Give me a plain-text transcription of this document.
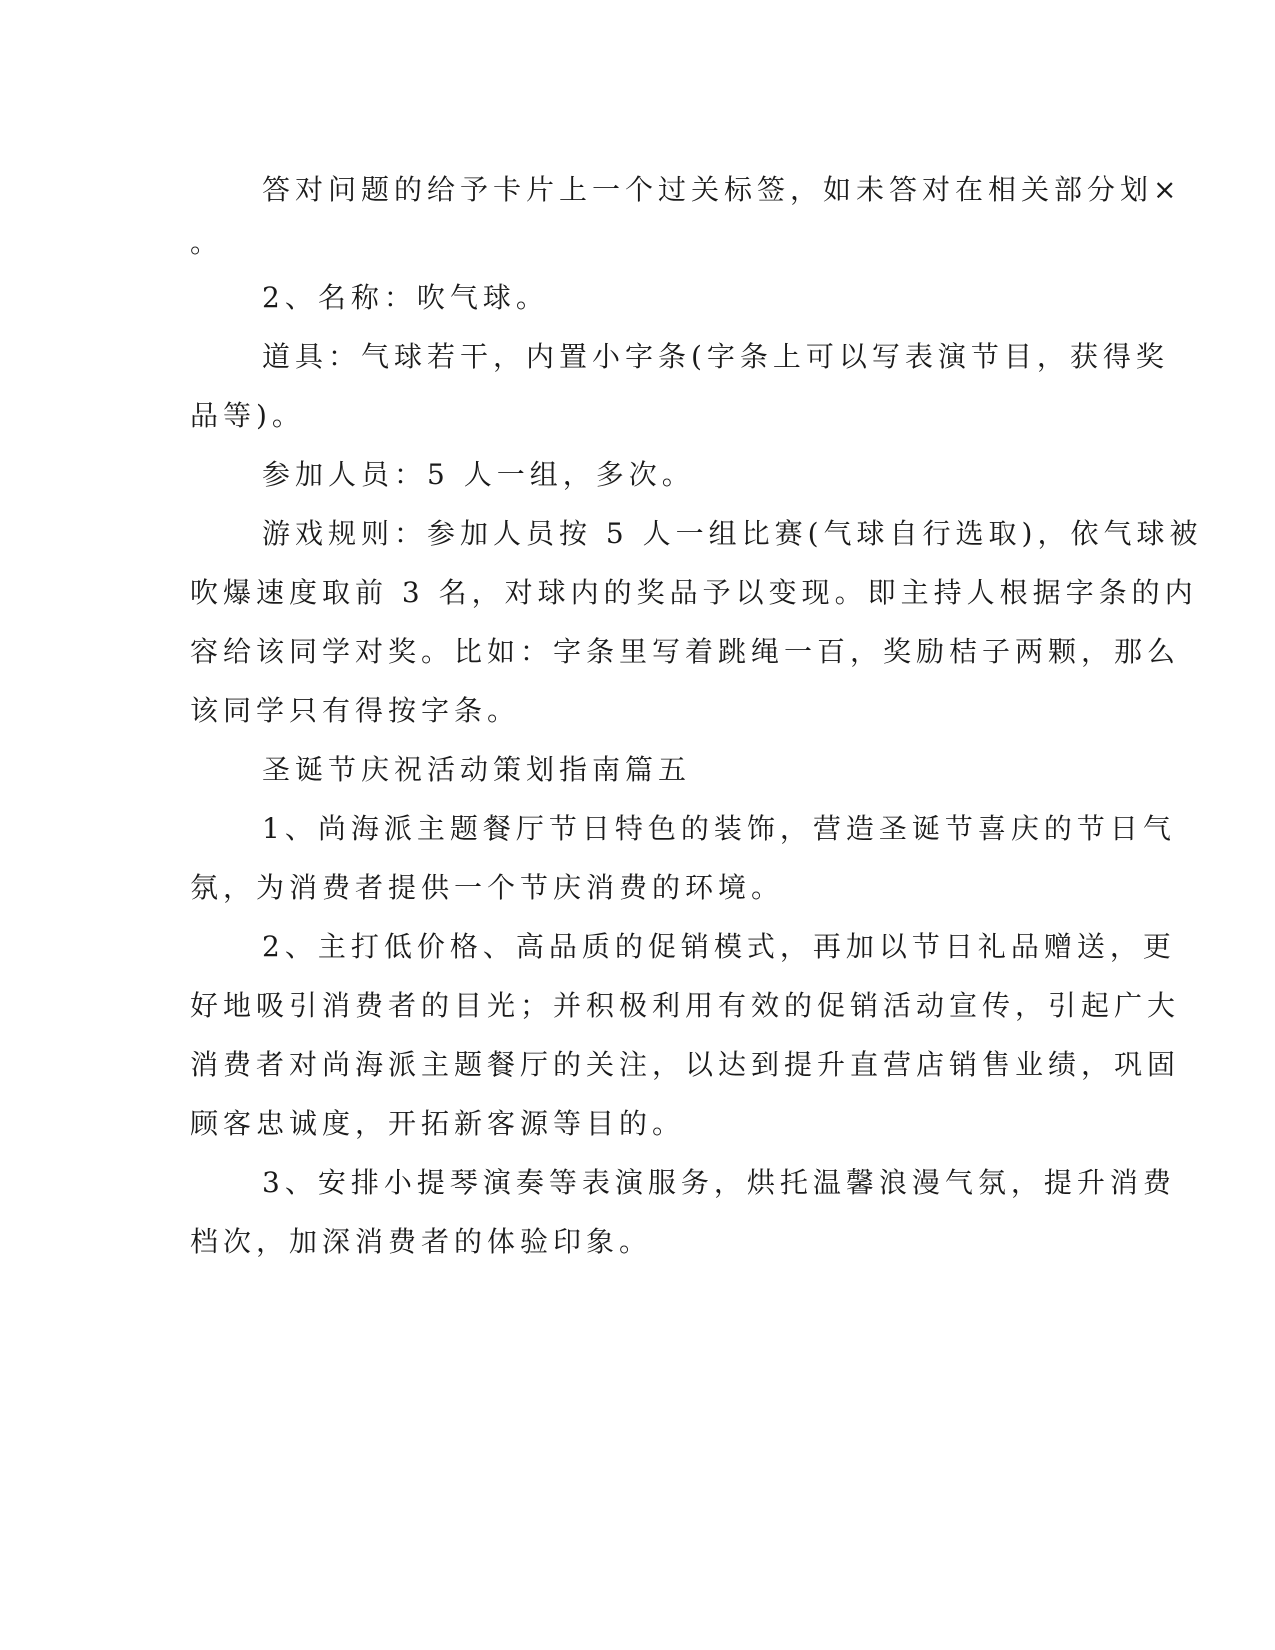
答对问题的给予卡片上一个过关标签，如未答对在相关部分划×
。
2、名称：吹气球。
道具：气球若干，内置小字条(字条上可以写表演节目，获得奖
品等)。
参加人员：5 人一组，多次。
游戏规则：参加人员按 5 人一组比赛(气球自行选取)，依气球被
吹爆速度取前 3 名，对球内的奖品予以变现。即主持人根据字条的内
容给该同学对奖。比如：字条里写着跳绳一百，奖励桔子两颗，那么
该同学只有得按字条。
圣诞节庆祝活动策划指南篇五
1、尚海派主题餐厅节日特色的装饰，营造圣诞节喜庆的节日气
氛，为消费者提供一个节庆消费的环境。
2、主打低价格、高品质的促销模式，再加以节日礼品赠送，更
好地吸引消费者的目光；并积极利用有效的促销活动宣传，引起广大
消费者对尚海派主题餐厅的关注，以达到提升直营店销售业绩，巩固
顾客忠诚度，开拓新客源等目的。
3、安排小提琴演奏等表演服务，烘托温馨浪漫气氛，提升消费
档次，加深消费者的体验印象。
